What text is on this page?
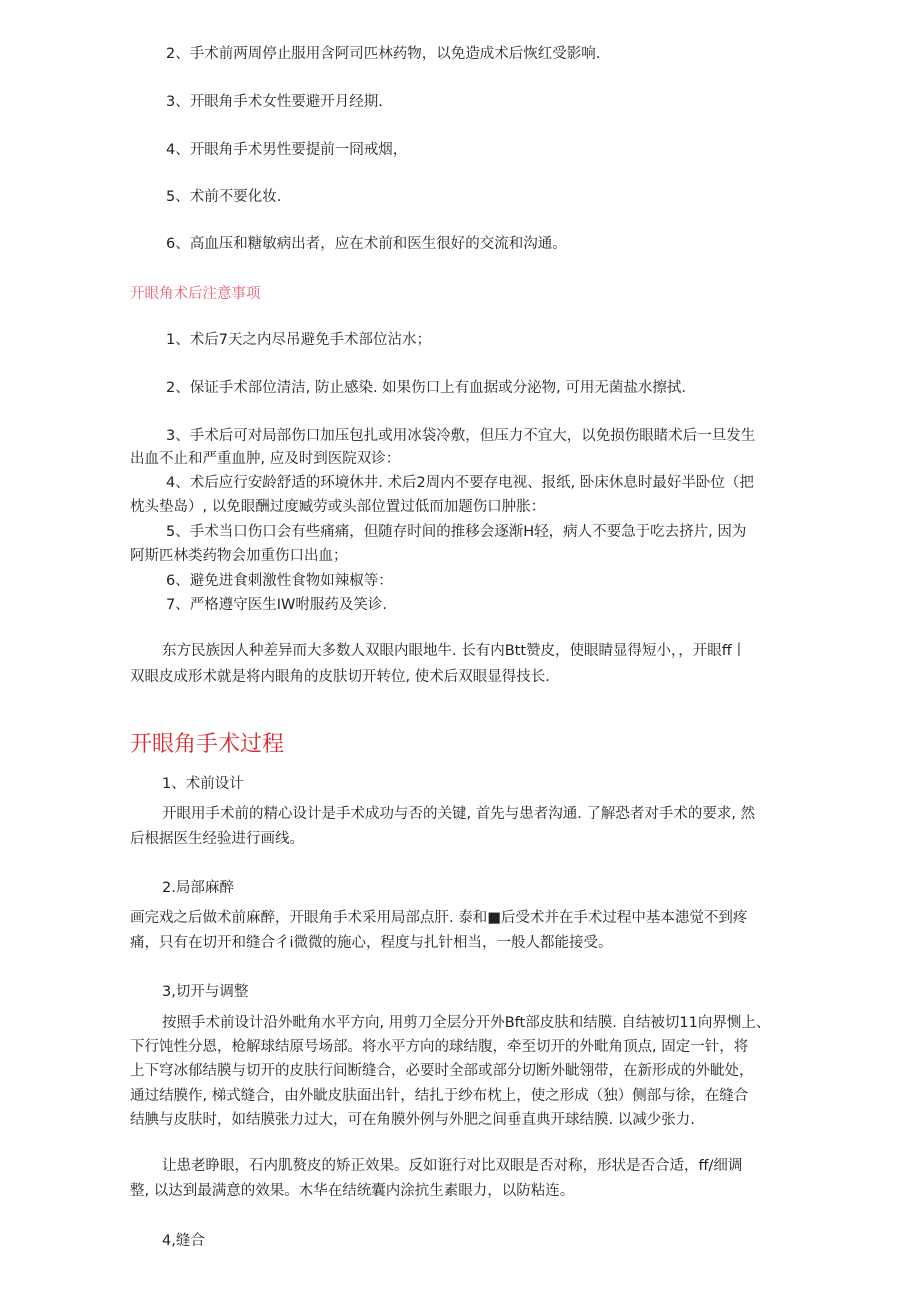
2、手术前两周停止服用含阿司匹林药物，以免造成术后恢红受影响.
3、开眼角手术女性要避开月经期.
4、开眼角手术男性要提前一冏戒烟，
5、术前不要化妆.
6、高血压和糖敏病出者，应在术前和医生很好的交流和沟通。
开眼角术后注意事项
1、术后7天之内尽吊避免手术部位沾水；
2、保证手术部位清洁, 防止感染. 如果伤口上有血据或分泌物, 可用无菌盐水擦拭.
3、手术后可对局部伤口加压包扎或用冰袋冷敷，但压力不宜大，以免损伤眼睹术后一旦发生
出血不止和严重血肿, 应及时到医院双诊：
4、术后应行安龄舒适的环境休井. 术后2周内不要存电视、报纸, 卧床休息时最好半卧位（把
枕头垫岛）, 以免眼酬过度臧劳或头部位置过低而加题伤口肿胀：
5、手术当口伤口会有些痛痛，但随存时间的推移会逐渐H轻，病人不要急于吃去挤片, 因为
阿斯匹林类药物会加重伤口出血；
6、避免进食刺激性食物如辣椒等：
7、严格遵守医生IW咐服药及笑诊.
东方民族因人种差异而大多数人双眼内眼地牛. 长有内Btt赞皮，使眼睛显得短小，，开眼ff丨
双眼皮成形术就是将内眼角的皮肤切开转位, 使术后双眼显得技长.
开眼角手术过程
1、术前设计
开眼用手术前的精心设计是手术成功与否的关键, 首先与患者沟通. 了解恐者对手术的要求, 然
后根据医生经验进行画线。
2.局部麻醉
画完戏之后做术前麻醉，开眼角手术采用局部点肝. 泰和■后受术并在手术过程中基本漶觉不到疼
痛，只有在切开和缝合彳i微微的施心，程度与扎针相当，一般人都能接受。
3,切开与调整
按照手术前设计沿外毗角水平方向, 用剪刀全层分开外Bft部皮肤和结膜. 自结被切11向界恻上、
下行饨性分恩，枪解球结原号场部。将水平方向的球结腹，牵至切开的外毗角顶点, 固定一针，将
上下穹冰郁结膜与切开的皮肤行间断缝合，必要时全部或部分切断外眦翎带，在新形成的外眦处，
通过结膜作, 梯式缝合，由外眦皮肤面出针，结扎于纱布枕上，使之形成（独）侧部与徐，在缝合
结腆与皮肤时，如结膜张力过大，可在角膜外例与外肥之间垂直典开球结膜. 以减少张力.
让患老睁眼，石内肌赘皮的矫正效果。反如诳行对比双眼是否对称，形状是否合适，ff/细调
整, 以达到最满意的效果。木华在结统囊内涂抗生素眼力，以防粘连。
4,缝合
